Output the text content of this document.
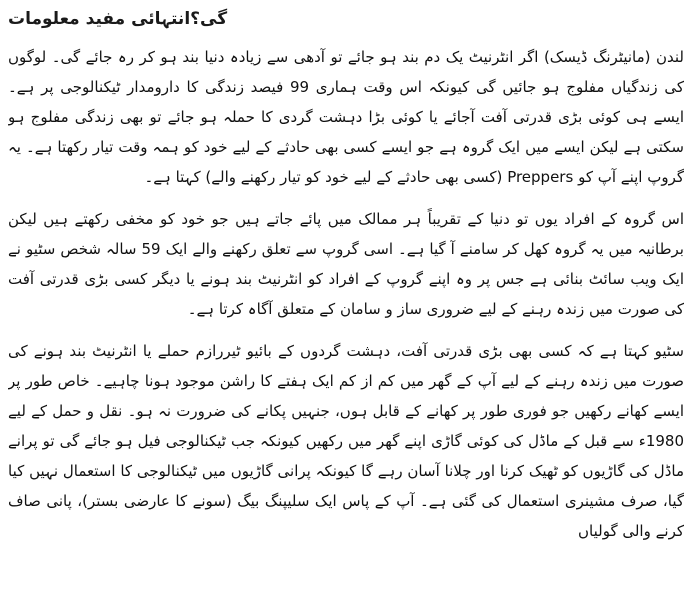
گی؟انتہائی مفید معلومات

لندن (مانیٹرنگ ڈیسک) اگر انٹرنیٹ یک دم بند ہو جائے تو آدھی سے زیادہ دنیا بند ہو کر رہ جائے گی۔ لوگوں کی زندگیاں مفلوج ہو جائیں گی کیونکہ اس وقت ہماری 99 فیصد زندگی کا دارومدار ٹیکنالوجی پر ہے۔ ایسے ہی کوئی بڑی قدرتی آفت آجائے یا کوئی بڑا دہشت گردی کا حملہ ہو جائے تو بھی زندگی مفلوج ہو سکتی ہے لیکن ایسے میں ایک گروہ ہے جو ایسے کسی بھی حادثے کے لیے خود کو ہمہ وقت تیار رکھتا ہے۔ یہ گروپ اپنے آپ کو Preppers (کسی بھی حادثے کے لیے خود کو تیار رکھنے والے) کہتا ہے۔

اس گروہ کے افراد یوں تو دنیا کے تقریباً ہر ممالک میں پائے جاتے ہیں جو خود کو مخفی رکھتے ہیں لیکن برطانیہ میں یہ گروہ کھل کر سامنے آ گیا ہے۔ اسی گروپ سے تعلق رکھنے والے ایک 59 سالہ شخص سٹیو نے ایک ویب سائٹ بنائی ہے جس پر وہ اپنے گروپ کے افراد کو انٹرنیٹ بند ہونے یا دیگر کسی بڑی قدرتی آفت کی صورت میں زندہ رہنے کے لیے ضروری ساز و سامان کے متعلق آگاہ کرتا ہے۔

سٹیو کہتا ہے کہ کسی بھی بڑی قدرتی آفت، دہشت گردوں کے بائیو ٹیررازم حملے یا انٹرنیٹ بند ہونے کی صورت میں زندہ رہنے کے لیے آپ کے گھر میں کم از کم ایک ہفتے کا راشن موجود ہونا چاہیے۔ خاص طور پر ایسے کھانے رکھیں جو فوری طور پر کھانے کے قابل ہوں، جنہیں پکانے کی ضرورت نہ ہو۔ نقل و حمل کے لیے 1980ء سے قبل کے ماڈل کی کوئی گاڑی اپنے گھر میں رکھیں کیونکہ جب ٹیکنالوجی فیل ہو جائے گی تو پرانے ماڈل کی گاڑیوں کو ٹھیک کرنا اور چلانا آسان رہے گا کیونکہ پرانی گاڑیوں میں ٹیکنالوجی کا استعمال نہیں کیا گیا، صرف مشینری استعمال کی گئی ہے۔ آپ کے پاس ایک سلیپنگ بیگ (سونے کا عارضی بستر)، پانی صاف کرنے والی گولیاں
